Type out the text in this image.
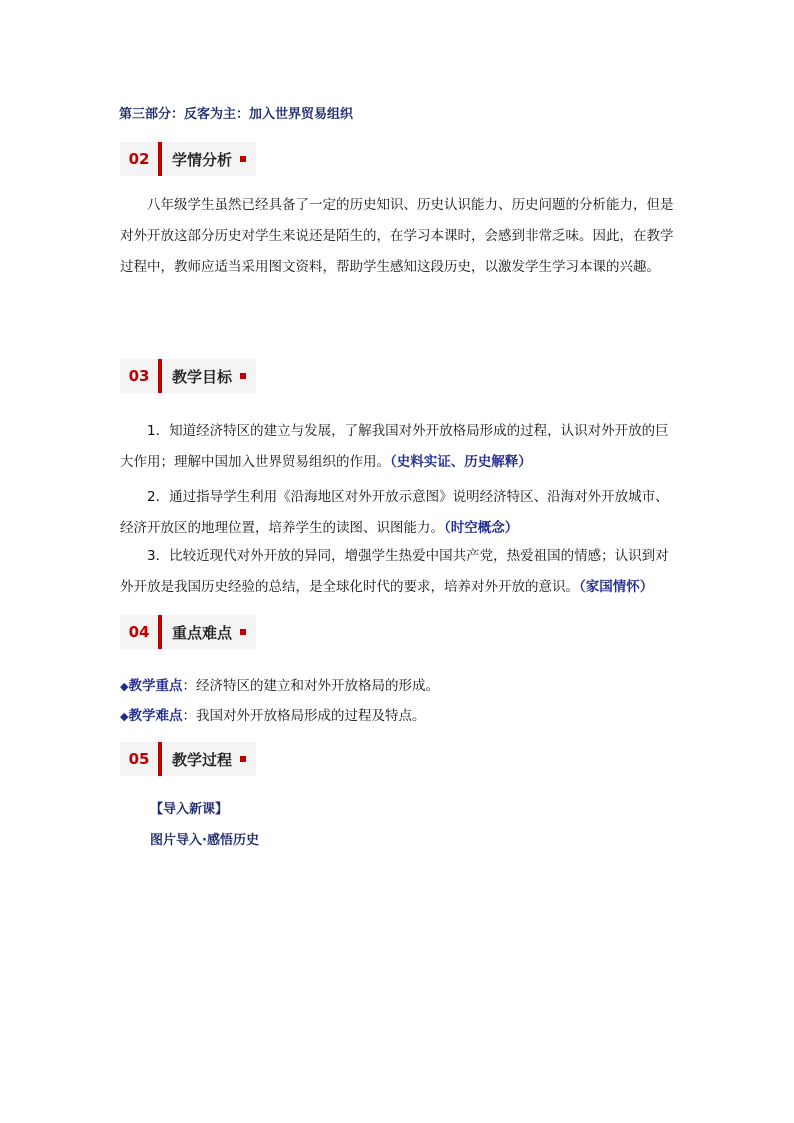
第三部分：反客为主：加入世界贸易组织
02	学情分析
八年级学生虽然已经具备了一定的历史知识、历史认识能力、历史问题的分析能力，但是对外开放这部分历史对学生来说还是陌生的，在学习本课时，会感到非常乏味。因此，在教学过程中，教师应适当采用图文资料，帮助学生感知这段历史，以激发学生学习本课的兴趣。
03	教学目标
1．知道经济特区的建立与发展，了解我国对外开放格局形成的过程，认识对外开放的巨大作用；理解中国加入世界贸易组织的作用。（史料实证、历史解释）
2．通过指导学生利用《沿海地区对外开放示意图》说明经济特区、沿海对外开放城市、经济开放区的地理位置，培养学生的读图、识图能力。（时空概念）
3．比较近现代对外开放的异同，增强学生热爱中国共产党，热爱祖国的情感；认识到对外开放是我国历史经验的总结，是全球化时代的要求，培养对外开放的意识。（家国情怀）
04	重点难点
◆教学重点：经济特区的建立和对外开放格局的形成。
◆教学难点：我国对外开放格局形成的过程及特点。
05	教学过程
【导入新课】
图片导入·感悟历史
